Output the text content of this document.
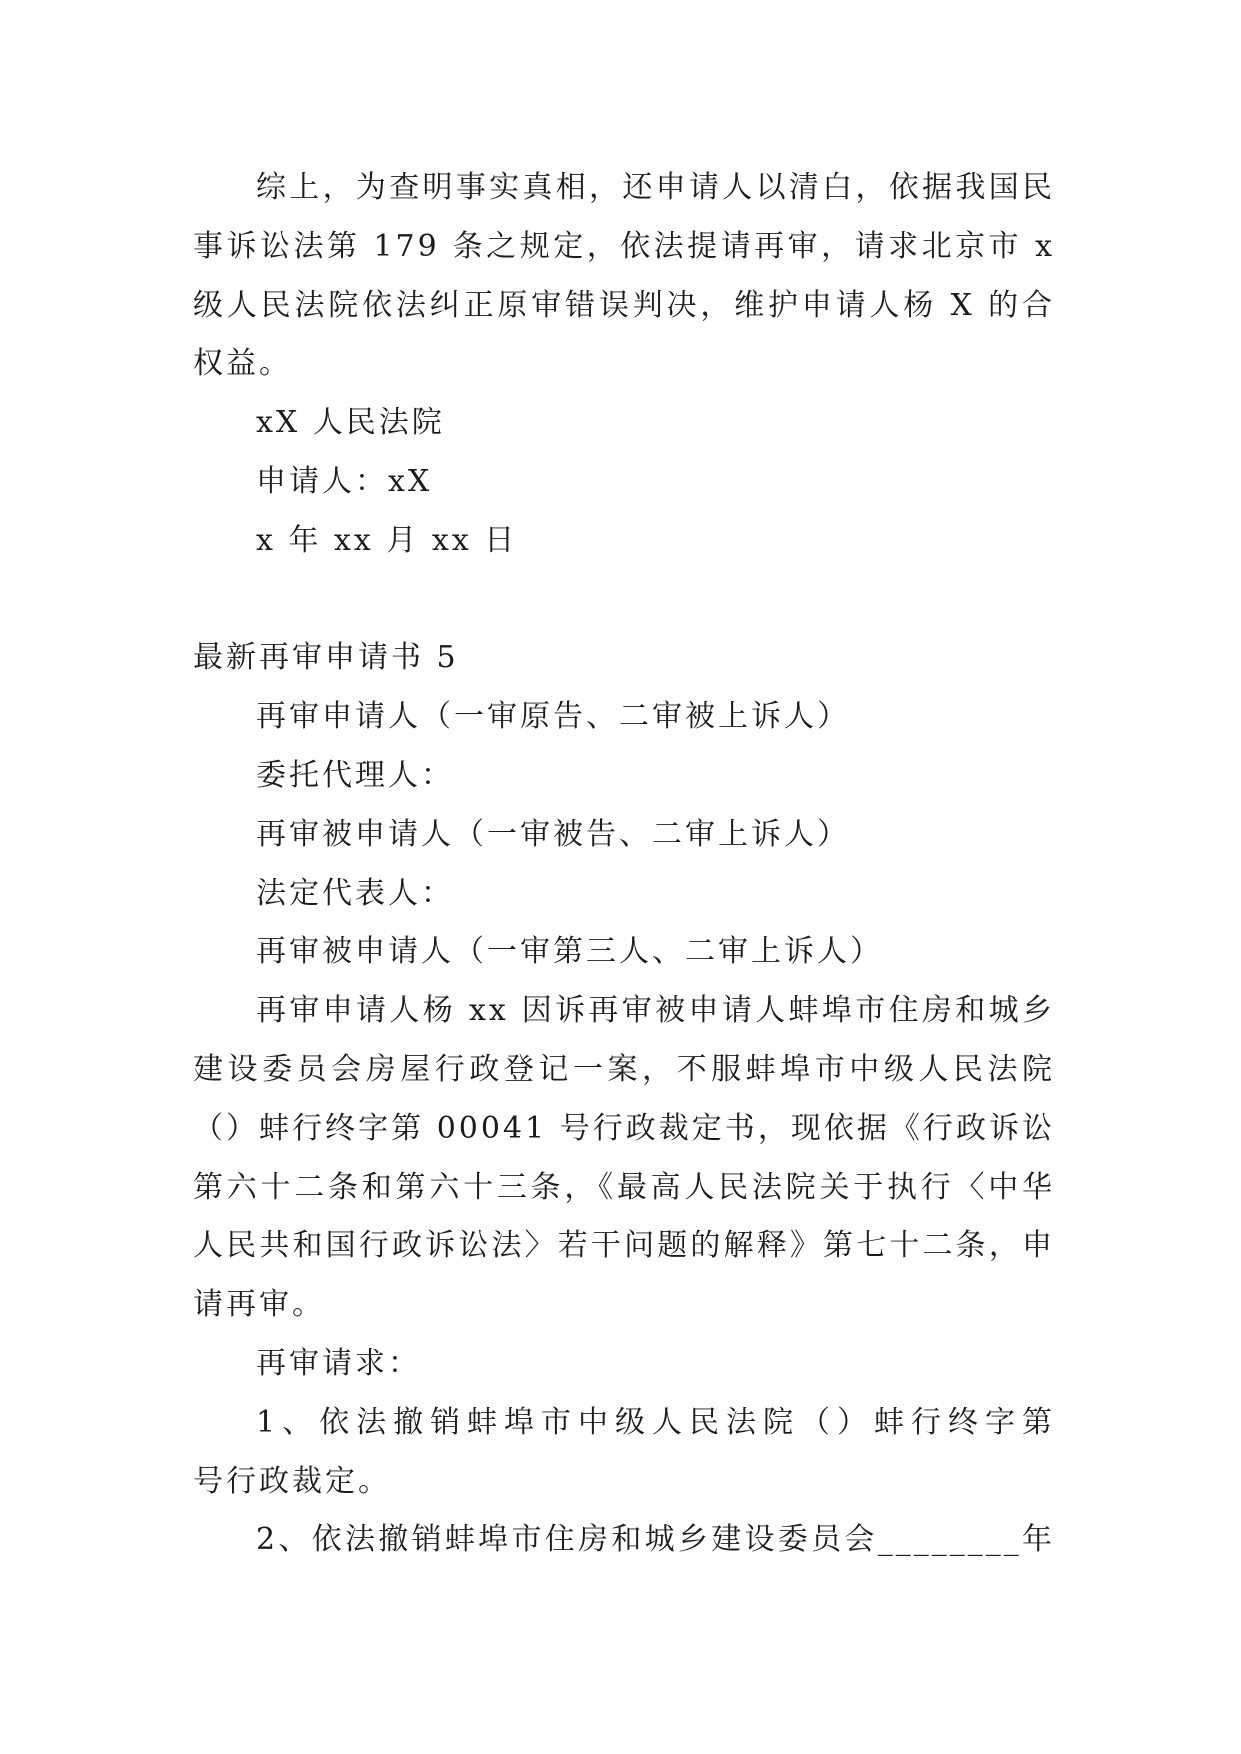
综上，为查明事实真相，还申请人以清白，依据我国民
事诉讼法第 179 条之规定，依法提请再审，请求北京市 x
级人民法院依法纠正原审错误判决，维护申请人杨 X 的合
权益。
xX 人民法院
申请人：xX
x 年 xx 月 xx 日
最新再审申请书 5
再审申请人（一审原告、二审被上诉人）
委托代理人：
再审被申请人（一审被告、二审上诉人）
法定代表人：
再审被申请人（一审第三人、二审上诉人）
再审申请人杨 xx 因诉再审被申请人蚌埠市住房和城乡
建设委员会房屋行政登记一案，不服蚌埠市中级人民法院
（）蚌行终字第 00041 号行政裁定书，现依据《行政诉讼
第六十二条和第六十三条，《最高人民法院关于执行〈中华
人民共和国行政诉讼法〉若干问题的解释》第七十二条，申
请再审。
再审请求：
1、依法撤销蚌埠市中级人民法院（）蚌行终字第
号行政裁定。
2、依法撤销蚌埠市住房和城乡建设委员会________年
